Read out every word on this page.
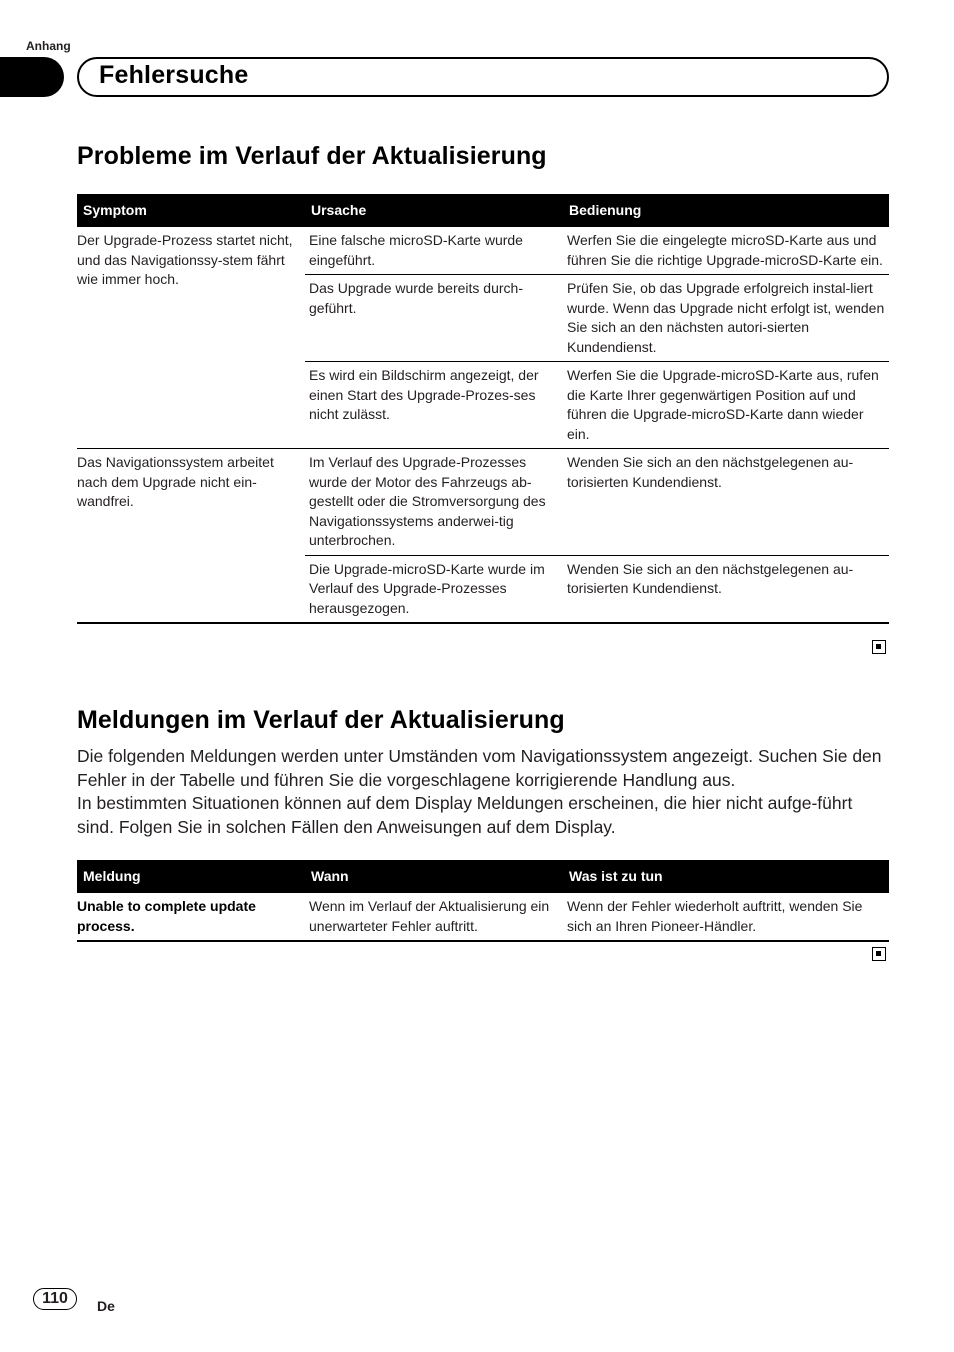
Anhang
Fehlersuche
Probleme im Verlauf der Aktualisierung
Symptom	Ursache	Bedienung
Der Upgrade-Prozess startet nicht, und das Navigationssy-stem fährt wie immer hoch.	Eine falsche microSD-Karte wurde eingeführt.	Werfen Sie die eingelegte microSD-Karte aus und führen Sie die richtige Upgrade-microSD-Karte ein.
	Das Upgrade wurde bereits durch-geführt.	Prüfen Sie, ob das Upgrade erfolgreich instal-liert wurde. Wenn das Upgrade nicht erfolgt ist, wenden Sie sich an den nächsten autori-sierten Kundendienst.
	Es wird ein Bildschirm angezeigt, der einen Start des Upgrade-Prozes-ses nicht zulässt.	Werfen Sie die Upgrade-microSD-Karte aus, rufen die Karte Ihrer gegenwärtigen Position auf und führen die Upgrade-microSD-Karte dann wieder ein.
Das Navigationssystem arbeitet nach dem Upgrade nicht ein-wandfrei.	Im Verlauf des Upgrade-Prozesses wurde der Motor des Fahrzeugs ab-gestellt oder die Stromversorgung des Navigationssystems anderwei-tig unterbrochen.	Wenden Sie sich an den nächstgelegenen au-torisierten Kundendienst.
	Die Upgrade-microSD-Karte wurde im Verlauf des Upgrade-Prozesses herausgezogen.	Wenden Sie sich an den nächstgelegenen au-torisierten Kundendienst.
Meldungen im Verlauf der Aktualisierung

Die folgenden Meldungen werden unter Umständen vom Navigationssystem angezeigt. Suchen Sie den Fehler in der Tabelle und führen Sie die vorgeschlagene korrigierende Handlung aus.

In bestimmten Situationen können auf dem Display Meldungen erscheinen, die hier nicht aufge-führt sind. Folgen Sie in solchen Fällen den Anweisungen auf dem Display.

Meldung	Wann	Was ist zu tun
Unable to complete update process.	Wenn im Verlauf der Aktualisierung ein unerwarteter Fehler auftritt.	Wenn der Fehler wiederholt auftritt, wenden Sie sich an Ihren Pioneer-Händler.
110	De
